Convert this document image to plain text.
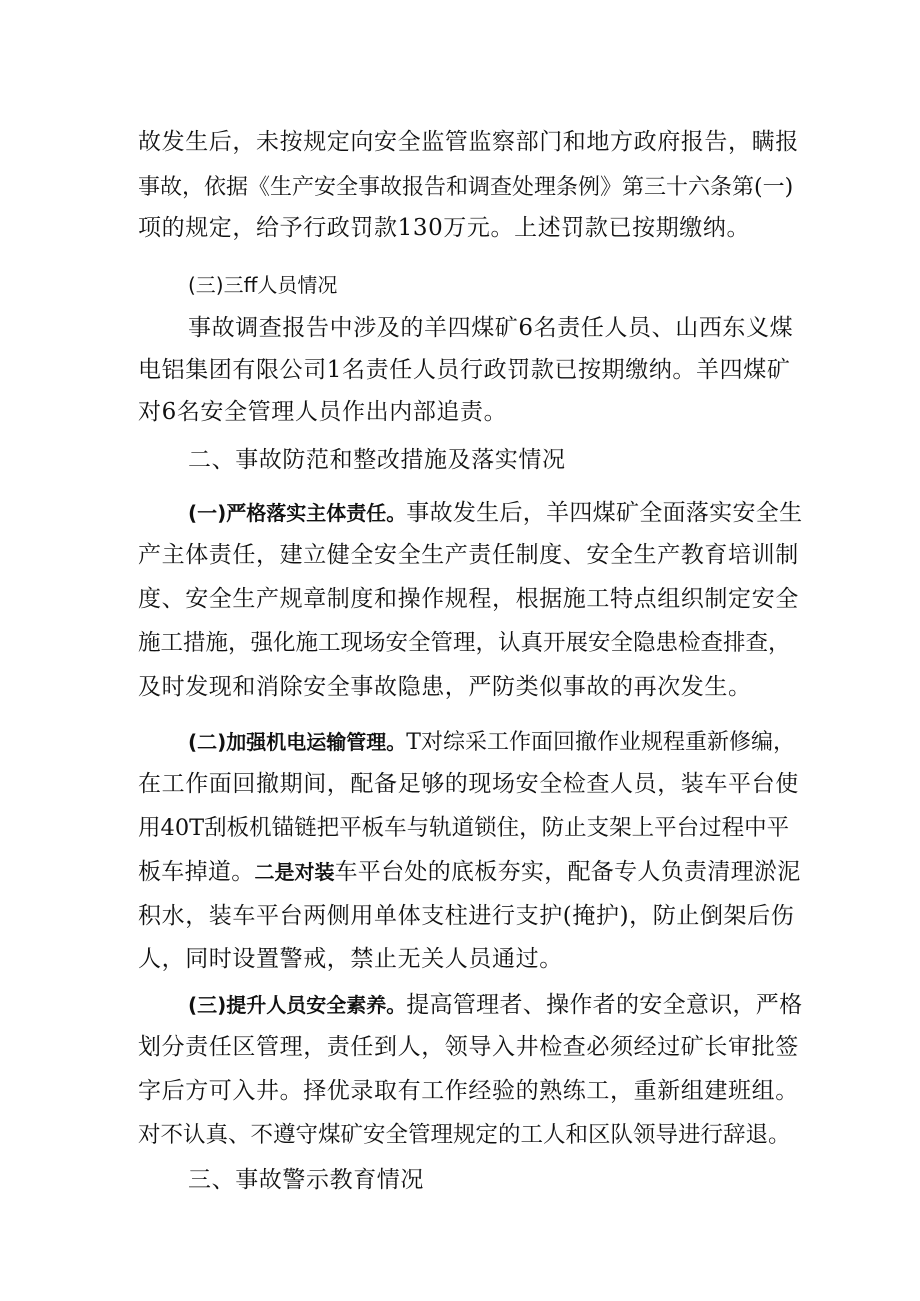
故发生后，未按规定向安全监管监察部门和地方政府报告，瞒报

事故，依据《生产安全事故报告和调查处理条例》第三十六条第(一)

项的规定，给予行政罚款130万元。上述罚款已按期缴纳。

(三)三ff人员情况

事故调查报告中涉及的羊四煤矿6名责任人员、山西东义煤

电铝集团有限公司1名责任人员行政罚款已按期缴纳。羊四煤矿

对6名安全管理人员作出内部追责。

二、事故防范和整改措施及落实情况

(一)严格落实主体责任。事故发生后，羊四煤矿全面落实安全生

产主体责任，建立健全安全生产责任制度、安全生产教育培训制

度、安全生产规章制度和操作规程，根据施工特点组织制定安全

施工措施，强化施工现场安全管理，认真开展安全隐患检查排查，

及时发现和消除安全事故隐患，严防类似事故的再次发生。

(二)加强机电运输管理。T对综采工作面回撤作业规程重新修编，

在工作面回撤期间，配备足够的现场安全检查人员，装车平台使

用40T刮板机锚链把平板车与轨道锁住，防止支架上平台过程中平

板车掉道。二是对装车平台处的底板夯实，配备专人负责清理淤泥

积水，装车平台两侧用单体支柱进行支护(掩护)，防止倒架后伤

人，同时设置警戒，禁止无关人员通过。

(三)提升人员安全素养。提高管理者、操作者的安全意识，严格

划分责任区管理，责任到人，领导入井检查必须经过矿长审批签

字后方可入井。择优录取有工作经验的熟练工，重新组建班组。

对不认真、不遵守煤矿安全管理规定的工人和区队领导进行辞退。

三、事故警示教育情况
